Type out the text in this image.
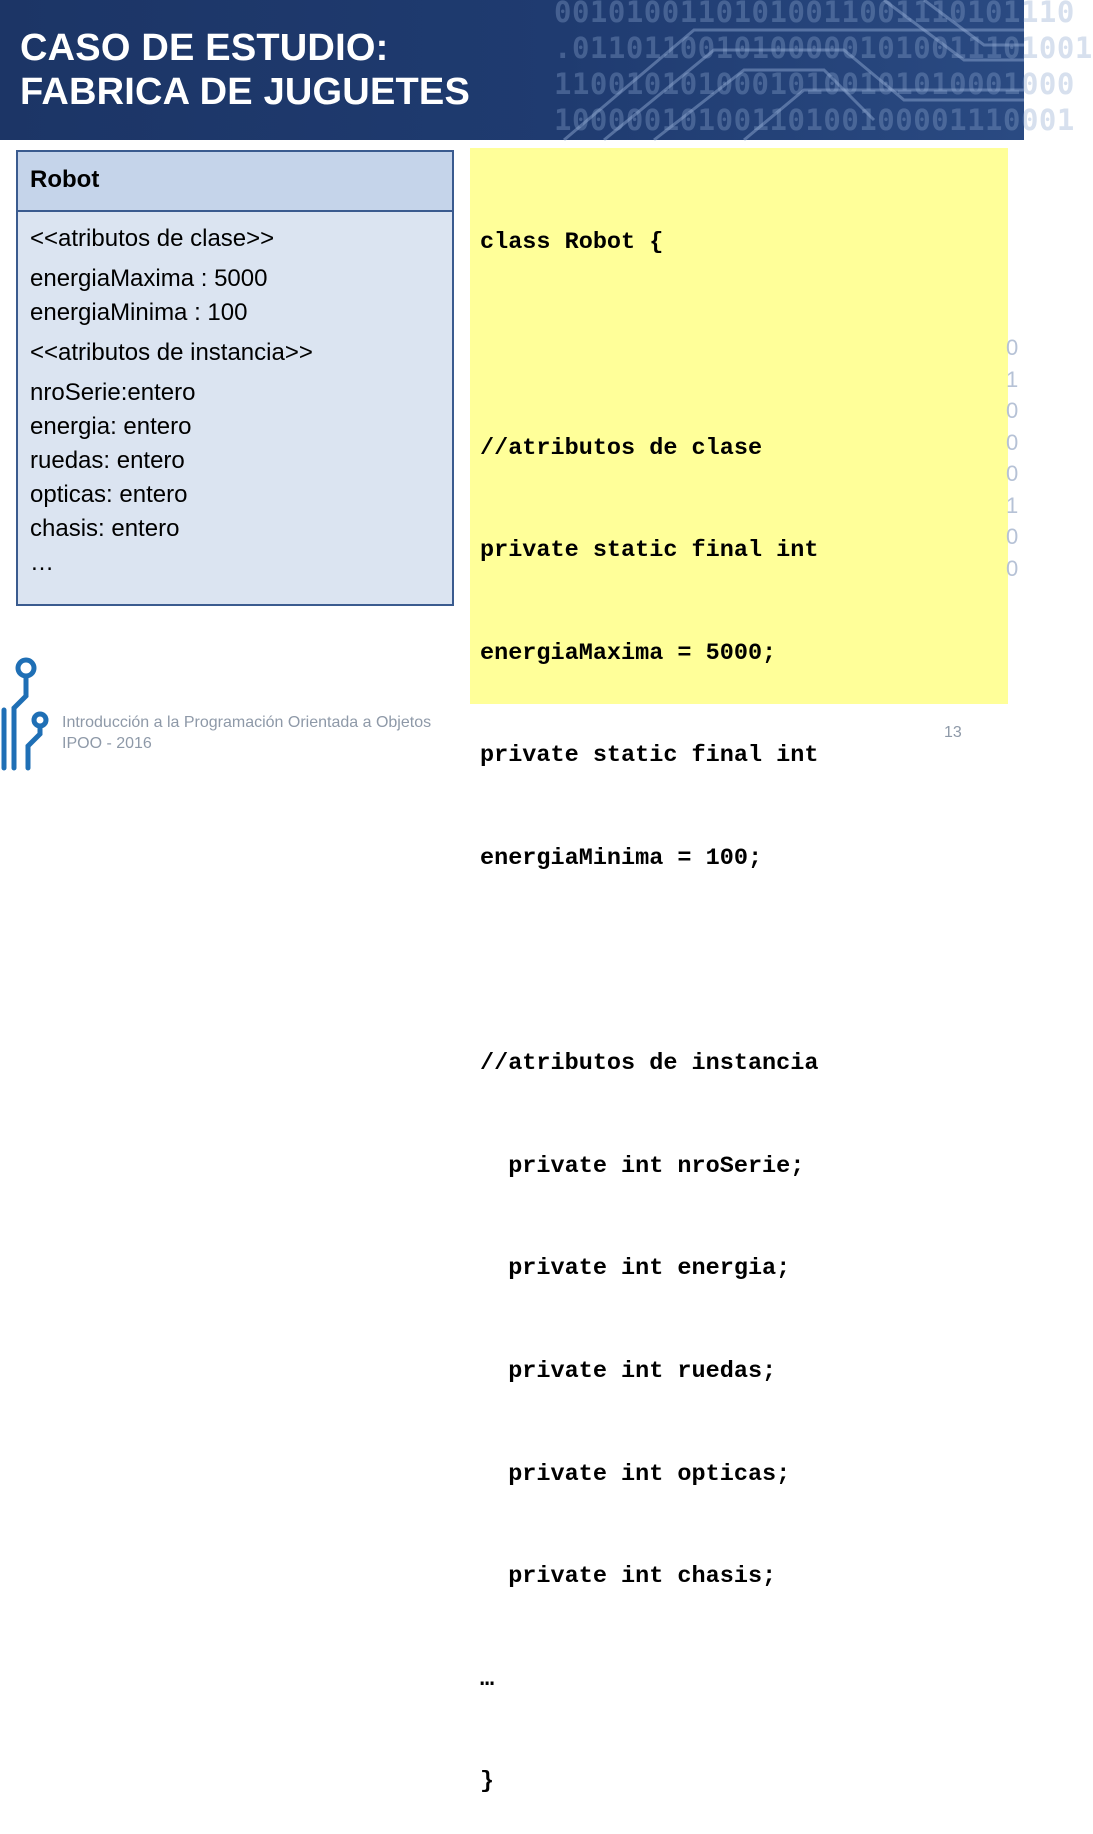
00101001101010011001110101110
.01101100101000001010011101001
11001010100010100101010001000
10000010100110100100001110001
CASO DE ESTUDIO:
FABRICA DE JUGUETES
Robot
<<atributos de clase>>
energiaMaxima : 5000
energiaMinima : 100
<<atributos de instancia>>
nroSerie:entero
energia: entero
ruedas: entero
opticas: entero
chasis: entero
…

class Robot {

//atributos de clase

private static final int

energiaMaxima = 5000;

private static final int

energiaMinima = 100;

//atributos de instancia

private int nroSerie;

private int energia;

private int ruedas;

private int opticas;

private int chasis;

…

}

0
1
0
0
0
1
0
0
Introducción a la Programación Orientada a Objetos
IPOO - 2016
13
